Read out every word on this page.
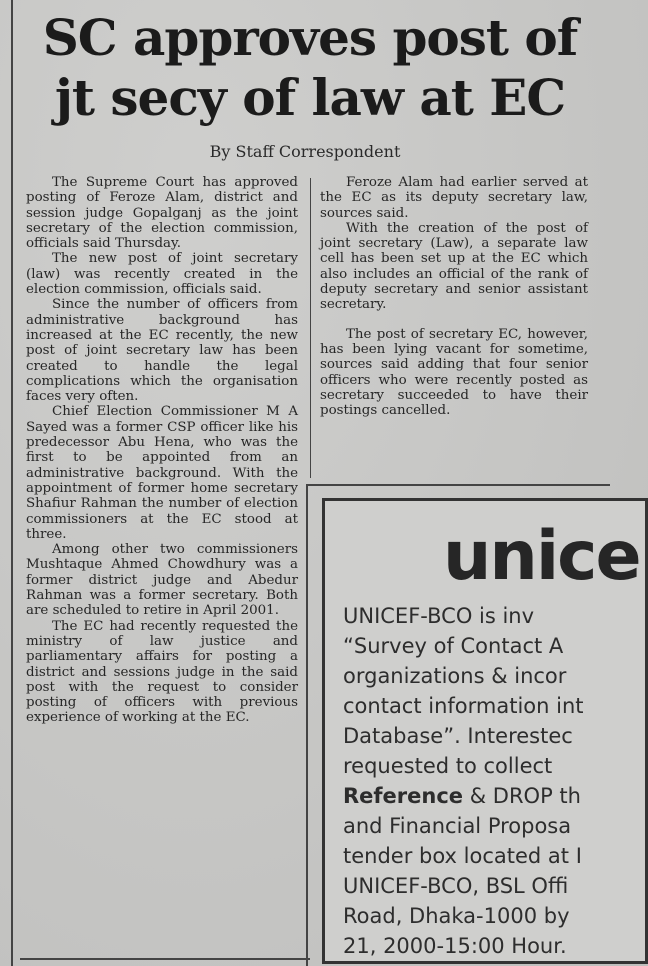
SC approves post of
jt secy of law at EC
By Staff Correspondent

The Supreme Court has approved posting of Feroze Alam, district and session judge Gopalganj as the joint secretary of the election commission, officials said Thursday.

The new post of joint secretary (law) was recently created in the election commission, officials said.

Since the number of officers from administrative background has increased at the EC recently, the new post of joint secretary law has been created to handle the legal complications which the organisation faces very often.

Chief Election Commissioner M A Sayed was a former CSP officer like his predecessor Abu Hena, who was the first to be appointed from an administrative background. With the appointment of former home secretary Shafiur Rahman the number of election commissioners at the EC stood at three.

Among other two commissioners Mushtaque Ahmed Chowdhury was a former district judge and Abedur Rahman was a former secretary. Both are scheduled to retire in April 2001.

The EC had recently requested the ministry of law justice and parliamentary affairs for posting a district and sessions judge in the said post with the request to consider posting of officers with previous experience of working at the EC.

Feroze Alam had earlier served at the EC as its deputy secretary law, sources said.

With the creation of the post of joint secretary (Law), a separate law cell has been set up at the EC which also includes an official of the rank of deputy secretary and senior assistant secretary.

The post of secretary EC, however, has been lying vacant for sometime, sources said adding that four senior officers who were recently posted as secretary succeeded to have their postings cancelled.

unice
UNICEF-BCO is inv
“Survey of Contact A
organizations & incor
contact information int
Database”. Interestec
requested to collect
Reference & DROP th
and Financial Proposa
tender box located at I
UNICEF-BCO, BSL Offi
Road, Dhaka-1000 by
21, 2000-15:00 Hour.
